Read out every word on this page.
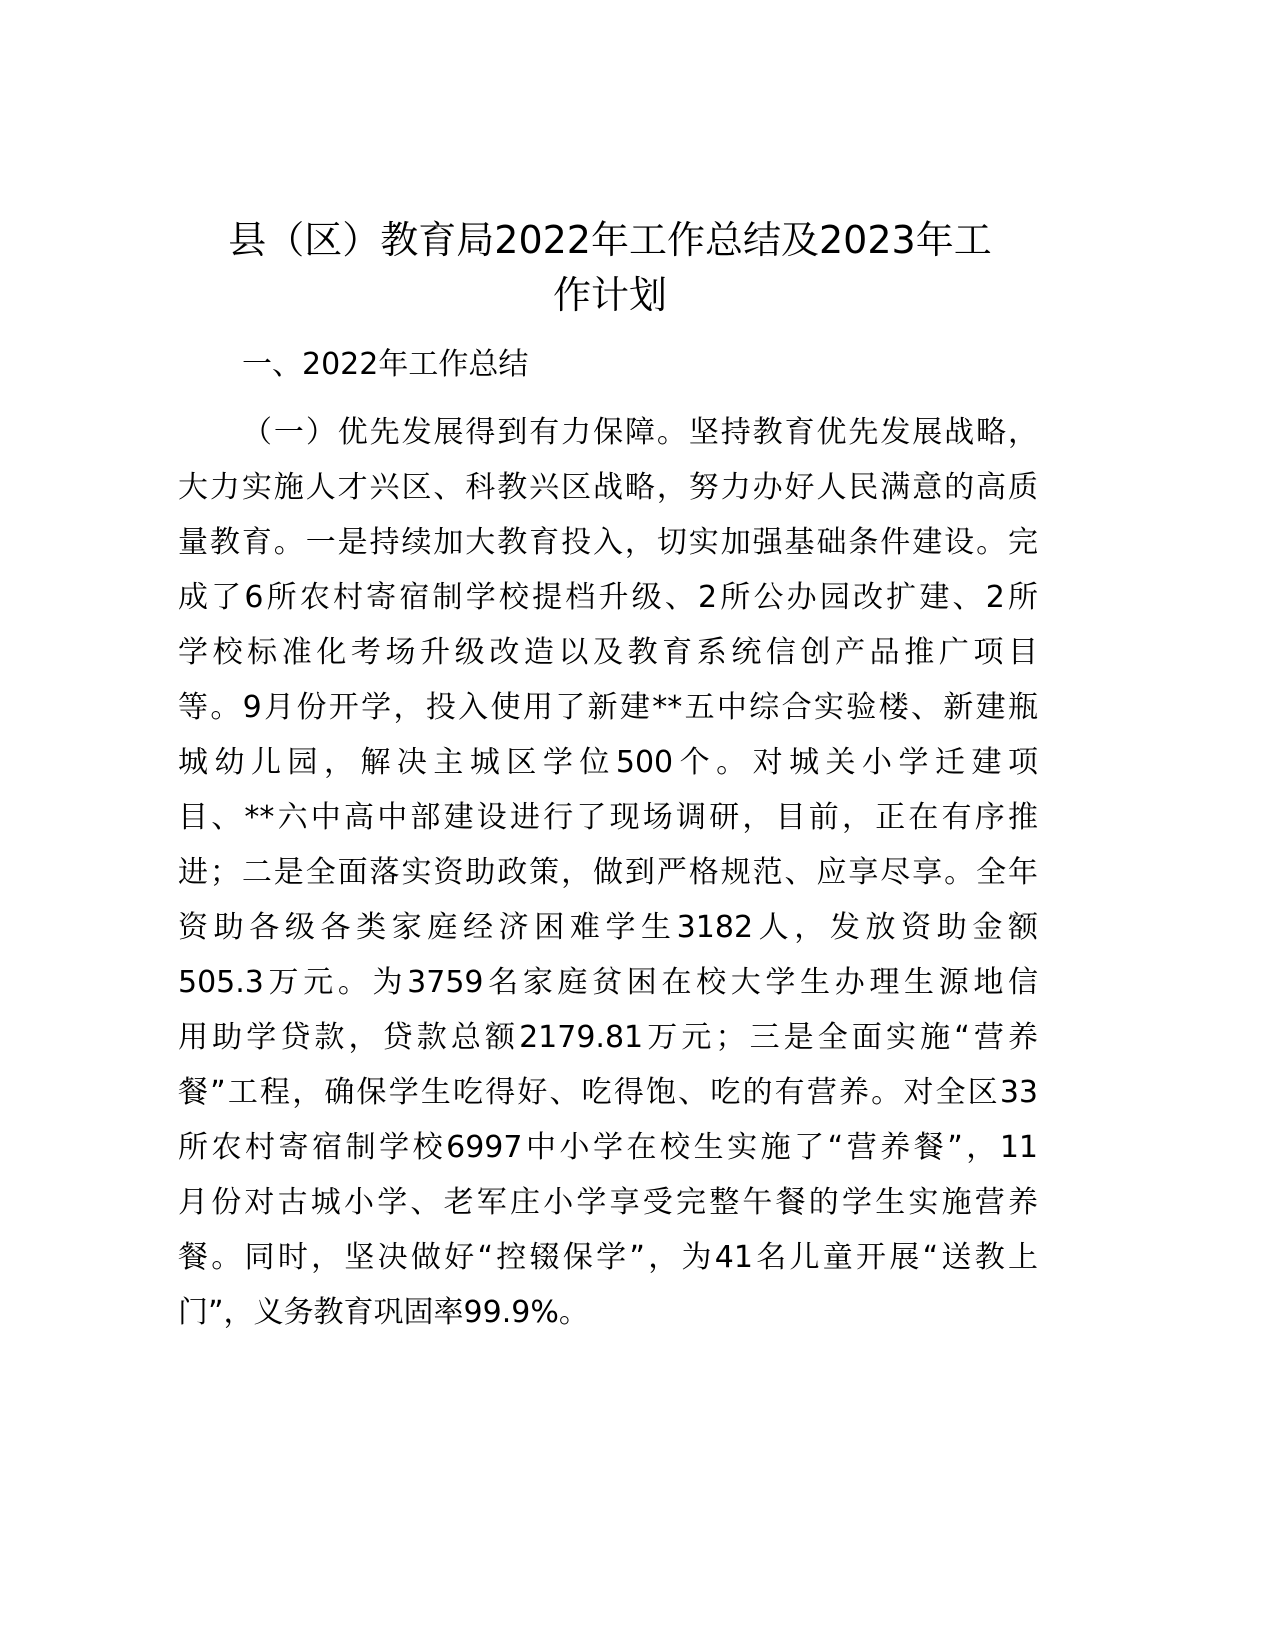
县（区）教育局2022年工作总结及2023年工
作计划
一、2022年工作总结
（一）优先发展得到有力保障。坚持教育优先发展战略，
大力实施人才兴区、科教兴区战略，努力办好人民满意的高质
量教育。一是持续加大教育投入，切实加强基础条件建设。完
成了6所农村寄宿制学校提档升级、2所公办园改扩建、2所
学校标准化考场升级改造以及教育系统信创产品推广项目
等。9月份开学，投入使用了新建**五中综合实验楼、新建瓶
城幼儿园，解决主城区学位500个。对城关小学迁建项
目、**六中高中部建设进行了现场调研，目前，正在有序推
进；二是全面落实资助政策，做到严格规范、应享尽享。全年
资助各级各类家庭经济困难学生3182人，发放资助金额
505.3万元。为3759名家庭贫困在校大学生办理生源地信
用助学贷款，贷款总额2179.81万元；三是全面实施“营养
餐”工程，确保学生吃得好、吃得饱、吃的有营养。对全区33
所农村寄宿制学校6997中小学在校生实施了“营养餐”，11
月份对古城小学、老军庄小学享受完整午餐的学生实施营养
餐。同时，坚决做好“控辍保学”，为41名儿童开展“送教上
门”，义务教育巩固率99.9%。
